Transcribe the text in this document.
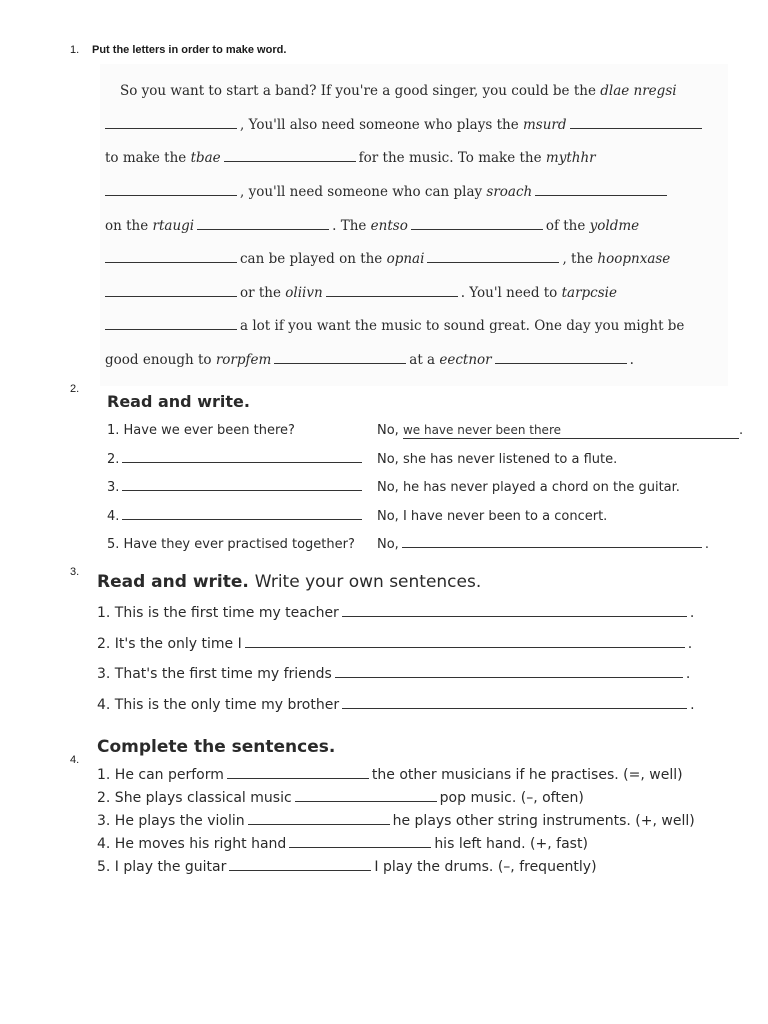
1. Put the letters in order to make word.
So you want to start a band? If you're a good singer, you could be the dlae nregsi
, You'll also need someone who plays the msurd
to make the tbae	for the music. To make the mythhr
, you'll need someone who can play sroach
on the rtaugi	. The entso	of the yoldme
can be played on the opnai	, the hoopnxase
or the oliivn	. You'l need to tarpcsie
a lot if you want the music to sound great. One day you might be
good enough to rorpfem	at a eectnor	.
2.
Read and write.
1. Have we ever been there?	No, we have never been there	.
2.	No, she has never listened to a flute.
3.	No, he has never played a chord on the guitar.
4.	No, I have never been to a concert.
5. Have they ever practised together? No,	.
3. Read and write. Write your own sentences.
1. This is the first time my teacher	.
2. It's the only time I	.
3. That's the first time my friends	.
4. This is the only time my brother	.
Complete the sentences.
4.
1. He can perform	the other musicians if he practises. (=, well)
2. She plays classical music	pop music. (–, often)
3. He plays the violin	he plays other string instruments. (+, well)
4. He moves his right hand	his left hand. (+, fast)
5. I play the guitar	I play the drums. (–, frequently)
